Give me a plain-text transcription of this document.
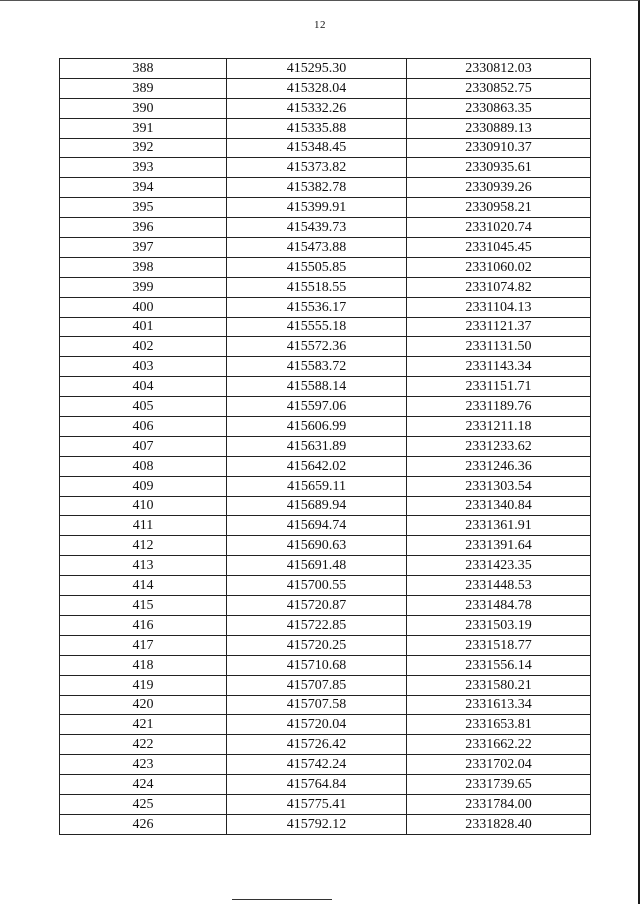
12
388	415295.30	2330812.03
389	415328.04	2330852.75
390	415332.26	2330863.35
391	415335.88	2330889.13
392	415348.45	2330910.37
393	415373.82	2330935.61
394	415382.78	2330939.26
395	415399.91	2330958.21
396	415439.73	2331020.74
397	415473.88	2331045.45
398	415505.85	2331060.02
399	415518.55	2331074.82
400	415536.17	2331104.13
401	415555.18	2331121.37
402	415572.36	2331131.50
403	415583.72	2331143.34
404	415588.14	2331151.71
405	415597.06	2331189.76
406	415606.99	2331211.18
407	415631.89	2331233.62
408	415642.02	2331246.36
409	415659.11	2331303.54
410	415689.94	2331340.84
411	415694.74	2331361.91
412	415690.63	2331391.64
413	415691.48	2331423.35
414	415700.55	2331448.53
415	415720.87	2331484.78
416	415722.85	2331503.19
417	415720.25	2331518.77
418	415710.68	2331556.14
419	415707.85	2331580.21
420	415707.58	2331613.34
421	415720.04	2331653.81
422	415726.42	2331662.22
423	415742.24	2331702.04
424	415764.84	2331739.65
425	415775.41	2331784.00
426	415792.12	2331828.40
